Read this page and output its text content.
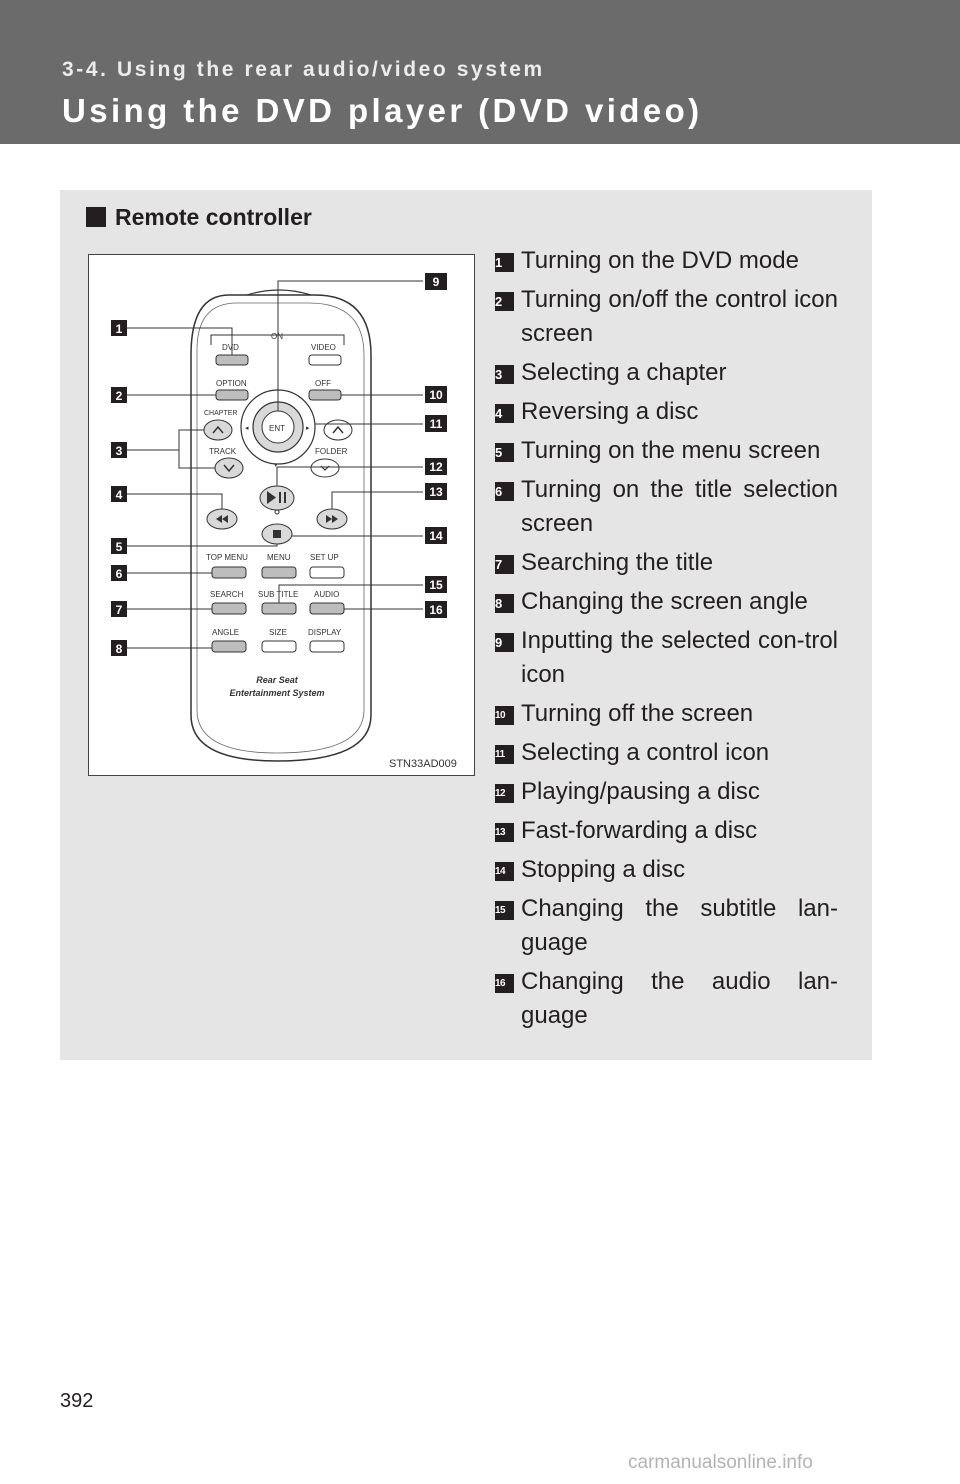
3-4. Using the rear audio/video system
Using the DVD player (DVD video)
Remote controller
ON
DVD	VIDEO
OPTION	OFF
ENT
◂	▸
▾
CHAPTER
TRACK	FOLDER
TOP MENU MENU SET UP
SEARCH SUB TITLE AUDIO
ANGLE	SIZE	DISPLAY
Rear Seat
Entertainment System
1
2
3
4
5
6
7
8
9
10
11
12
13
14
15
16
STN33AD009
1 Turning on the DVD mode
2 Turning on/off the control icon screen
3 Selecting a chapter
4 Reversing a disc
5 Turning on the menu screen
6 Turning on the title selection screen
7 Searching the title
8 Changing the screen angle
9 Inputting the selected con-trol icon
10 Turning off the screen
11 Selecting a control icon
12 Playing/pausing a disc
13 Fast-forwarding a disc
14 Stopping a disc
15 Changing the subtitle lan-guage
16 Changing the audio lan-guage
392
carmanualsonline.info
